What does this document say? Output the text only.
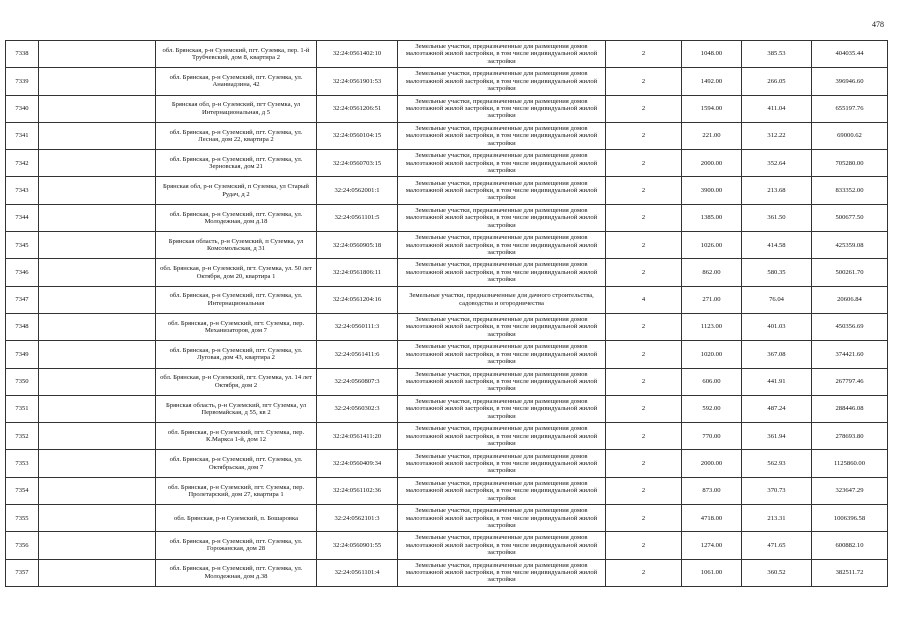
478
7338		обл. Брянская, р-н Суземский, пгт. Суземка, пер. 1-й Трубчевский, дом 8, квартира 2	32:24:0561402:10	Земельные участки, предназначенные для размещения домов малоэтажной жилой застройки, в том числе индивидуальной жилой застройки	2	1048.00	385.53	404035.44
7339		обл. Брянская, р-н Суземский, пгт. Суземка, ул. Ананиадзина, 42	32:24:0561901:53	Земельные участки, предназначенные для размещения домов малоэтажной жилой застройки, в том числе индивидуальной жилой застройки	2	1492.00	266.05	396946.60
7340		Брянская обл, р-н Суземский, пгт Суземка, ул Интернациональная, д 5	32:24:0561206:51	Земельные участки, предназначенные для размещения домов малоэтажной жилой застройки, в том числе индивидуальной жилой застройки	2	1594.00	411.04	655197.76
7341		обл. Брянская, р-н Суземский, пгт. Суземка, ул. Лесная, дом 22, квартира 2	32:24:0560104:15	Земельные участки, предназначенные для размещения домов малоэтажной жилой застройки, в том числе индивидуальной жилой застройки	2	221.00	312.22	69000.62
7342		обл. Брянская, р-н Суземский, пгт. Суземка, ул. Зерновская, дом 21	32:24:0560703:15	Земельные участки, предназначенные для размещения домов малоэтажной жилой застройки, в том числе индивидуальной жилой застройки	2	2000.00	352.64	705280.00
7343		Брянская обл, р-н Суземский, п Суземка, ул Старый Рудач, д 2	32:24:0562001:1	Земельные участки, предназначенные для размещения домов малоэтажной жилой застройки, в том числе индивидуальной жилой застройки	2	3900.00	213.68	833352.00
7344		обл. Брянская, р-н Суземский, пгт. Суземка, ул. Молодежная, дом д.18	32:24:0561101:5	Земельные участки, предназначенные для размещения домов малоэтажной жилой застройки, в том числе индивидуальной жилой застройки	2	1385.00	361.50	500677.50
7345		Брянская область, р-н Суземский, п Суземка, ул Комсомольская, д 31	32:24:0560905:18	Земельные участки, предназначенные для размещения домов малоэтажной жилой застройки, в том числе индивидуальной жилой застройки	2	1026.00	414.58	425359.08
7346		обл. Брянская, р-н Суземский, пгт. Суземка, ул. 50 лет Октября, дом 20, квартира 1	32:24:0561806:11	Земельные участки, предназначенные для размещения домов малоэтажной жилой застройки, в том числе индивидуальной жилой застройки	2	862.00	580.35	500261.70
7347		обл. Брянская, р-н Суземский, пгт. Суземка, ул. Интернациональная	32:24:0561204:16	Земельные участки, предназначенные для дачного строительства, садоводства и огородничества	4	271.00	76.04	20606.84
7348		обл. Брянская, р-н Суземский, пгт. Суземка, пер. Механизаторов, дом 7	32:24:0560111:3	Земельные участки, предназначенные для размещения домов малоэтажной жилой застройки, в том числе индивидуальной жилой застройки	2	1123.00	401.03	450356.69
7349		обл. Брянская, р-н Суземский, пгт. Суземка, ул. Луговая, дом 43, квартира 2	32:24:0561411:6	Земельные участки, предназначенные для размещения домов малоэтажной жилой застройки, в том числе индивидуальной жилой застройки	2	1020.00	367.08	374421.60
7350		обл. Брянская, р-н Суземский, пгт. Суземка, ул. 14 лет Октября, дом 2	32:24:0560807:3	Земельные участки, предназначенные для размещения домов малоэтажной жилой застройки, в том числе индивидуальной жилой застройки	2	606.00	441.91	267797.46
7351		Брянская область, р-н Суземский, пгт Суземка, ул Первомайская, д 55, кв 2	32:24:0560302:3	Земельные участки, предназначенные для размещения домов малоэтажной жилой застройки, в том числе индивидуальной жилой застройки	2	592.00	487.24	288446.08
7352		обл. Брянская, р-н Суземский, пгт. Суземка, пер. К.Маркса 1-й, дом 12	32:24:0561411:20	Земельные участки, предназначенные для размещения домов малоэтажной жилой застройки, в том числе индивидуальной жилой застройки	2	770.00	361.94	278693.80
7353		обл. Брянская, р-н Суземский, пгт. Суземка, ул. Октябрьская, дом 7	32:24:0560409:34	Земельные участки, предназначенные для размещения домов малоэтажной жилой застройки, в том числе индивидуальной жилой застройки	2	2000.00	562.93	1125860.00
7354		обл. Брянская, р-н Суземский, пгт. Суземка, пер. Пролетарский, дом 27, квартира 1	32:24:0561102:36	Земельные участки, предназначенные для размещения домов малоэтажной жилой застройки, в том числе индивидуальной жилой застройки	2	873.00	370.73	323647.29
7355		обл. Брянская, р-н Суземский, п. Бошаровка	32:24:0562101:3	Земельные участки, предназначенные для размещения домов малоэтажной жилой застройки, в том числе индивидуальной жилой застройки	2	4718.00	213.31	1006396.58
7356		обл. Брянская, р-н Суземский, пгт. Суземка, ул. Горожанская, дом 28	32:24:0560901:55	Земельные участки, предназначенные для размещения домов малоэтажной жилой застройки, в том числе индивидуальной жилой застройки	2	1274.00	471.65	600882.10
7357		обл. Брянская, р-н Суземский, пгт. Суземка, ул. Молодежная, дом д.38	32:24:0561101:4	Земельные участки, предназначенные для размещения домов малоэтажной жилой застройки, в том числе индивидуальной жилой застройки	2	1061.00	360.52	382511.72
